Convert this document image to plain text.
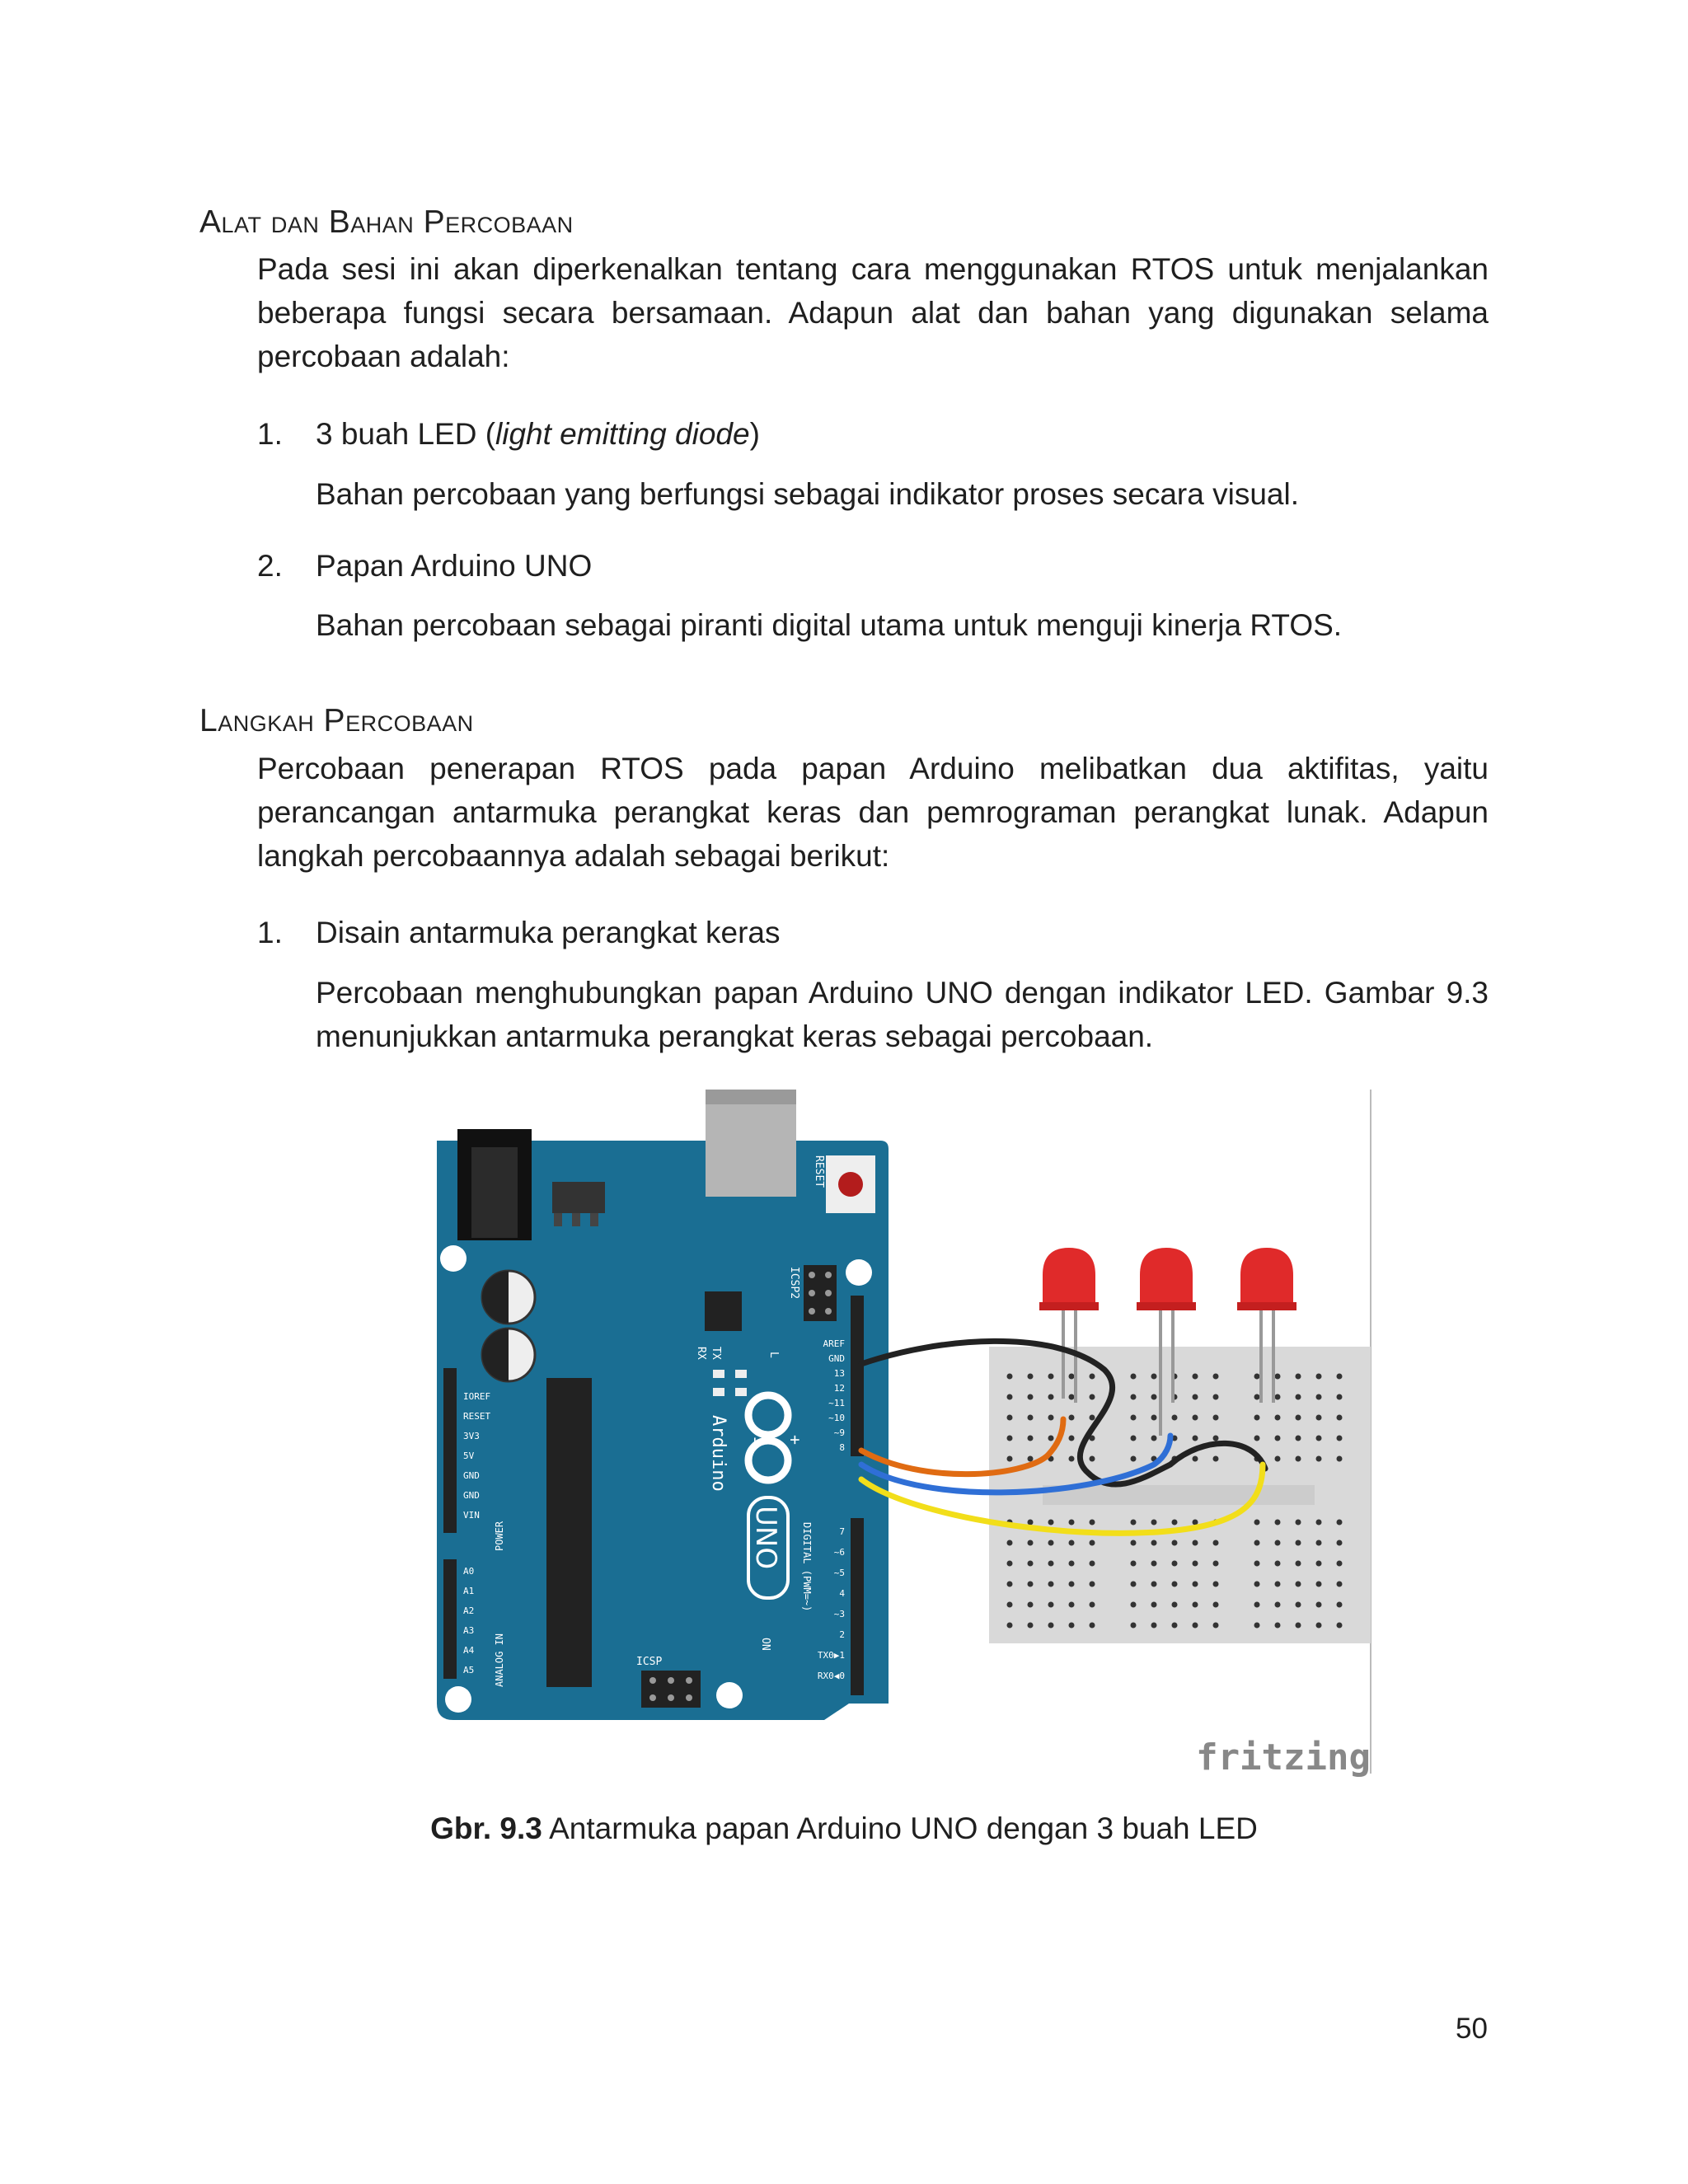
Alat dan Bahan Percobaan
Pada sesi ini akan diperkenalkan tentang cara menggunakan RTOS untuk menjalankan beberapa fungsi secara bersamaan. Adapun alat dan bahan yang digunakan selama percobaan adalah:
1. 3 buah LED (light emitting diode)
Bahan percobaan yang berfungsi sebagai indikator proses secara visual.
2. Papan Arduino UNO
Bahan percobaan sebagai piranti digital utama untuk menguji kinerja RTOS.
Langkah Percobaan
Percobaan penerapan RTOS pada papan Arduino melibatkan dua aktifitas, yaitu perancangan antarmuka perangkat keras dan pemrograman perangkat lunak. Adapun langkah percobaannya adalah sebagai berikut:
1. Disain antarmuka perangkat keras
Percobaan menghubungkan papan Arduino UNO dengan indikator LED. Gambar 9.3 menunjukkan antarmuka perangkat keras sebagai percobaan.
RESET
ICSP2
TX
RX	L
- +
Arduino
UNO
ON
ICSP
POWER
ANALOG IN
IOREF
RESET
3V3
5V
GND
GND
VIN
A0
A1
A2
A3
A4
A5
DIGITAL (PWM=~)
AREF
GND
13
12
~11
~10
~9
8
7
~6
~5
4
~3
2
TX0▶1
RX0◀0
fritzing
Gbr. 9.3 Antarmuka papan Arduino UNO dengan 3 buah LED
50
